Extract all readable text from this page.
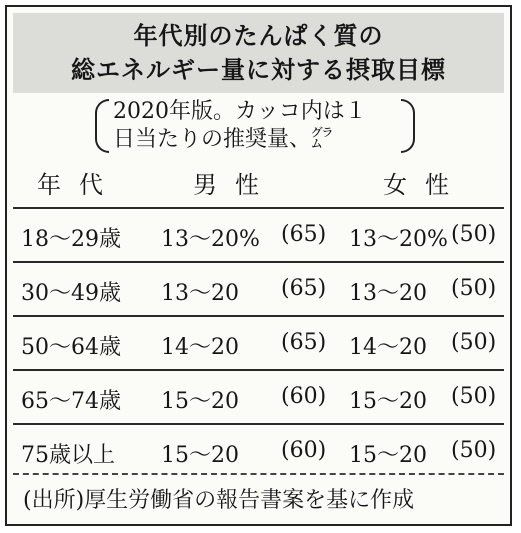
年代別のたんぱく質の
総エネルギー量に対する摂取目標
2020年版。カッコ内は１
日当たりの推奨量、㌘
年代	男性	女性
18〜29歳 13〜20% (65) 13〜20% (50)
30〜49歳 13〜20 (65) 13〜20 (50)
50〜64歳 14〜20 (65) 14〜20 (50)
65〜74歳 15〜20 (60) 15〜20 (50)
75歳以上 15〜20 (60) 15〜20 (50)
(出所)厚生労働省の報告書案を基に作成
